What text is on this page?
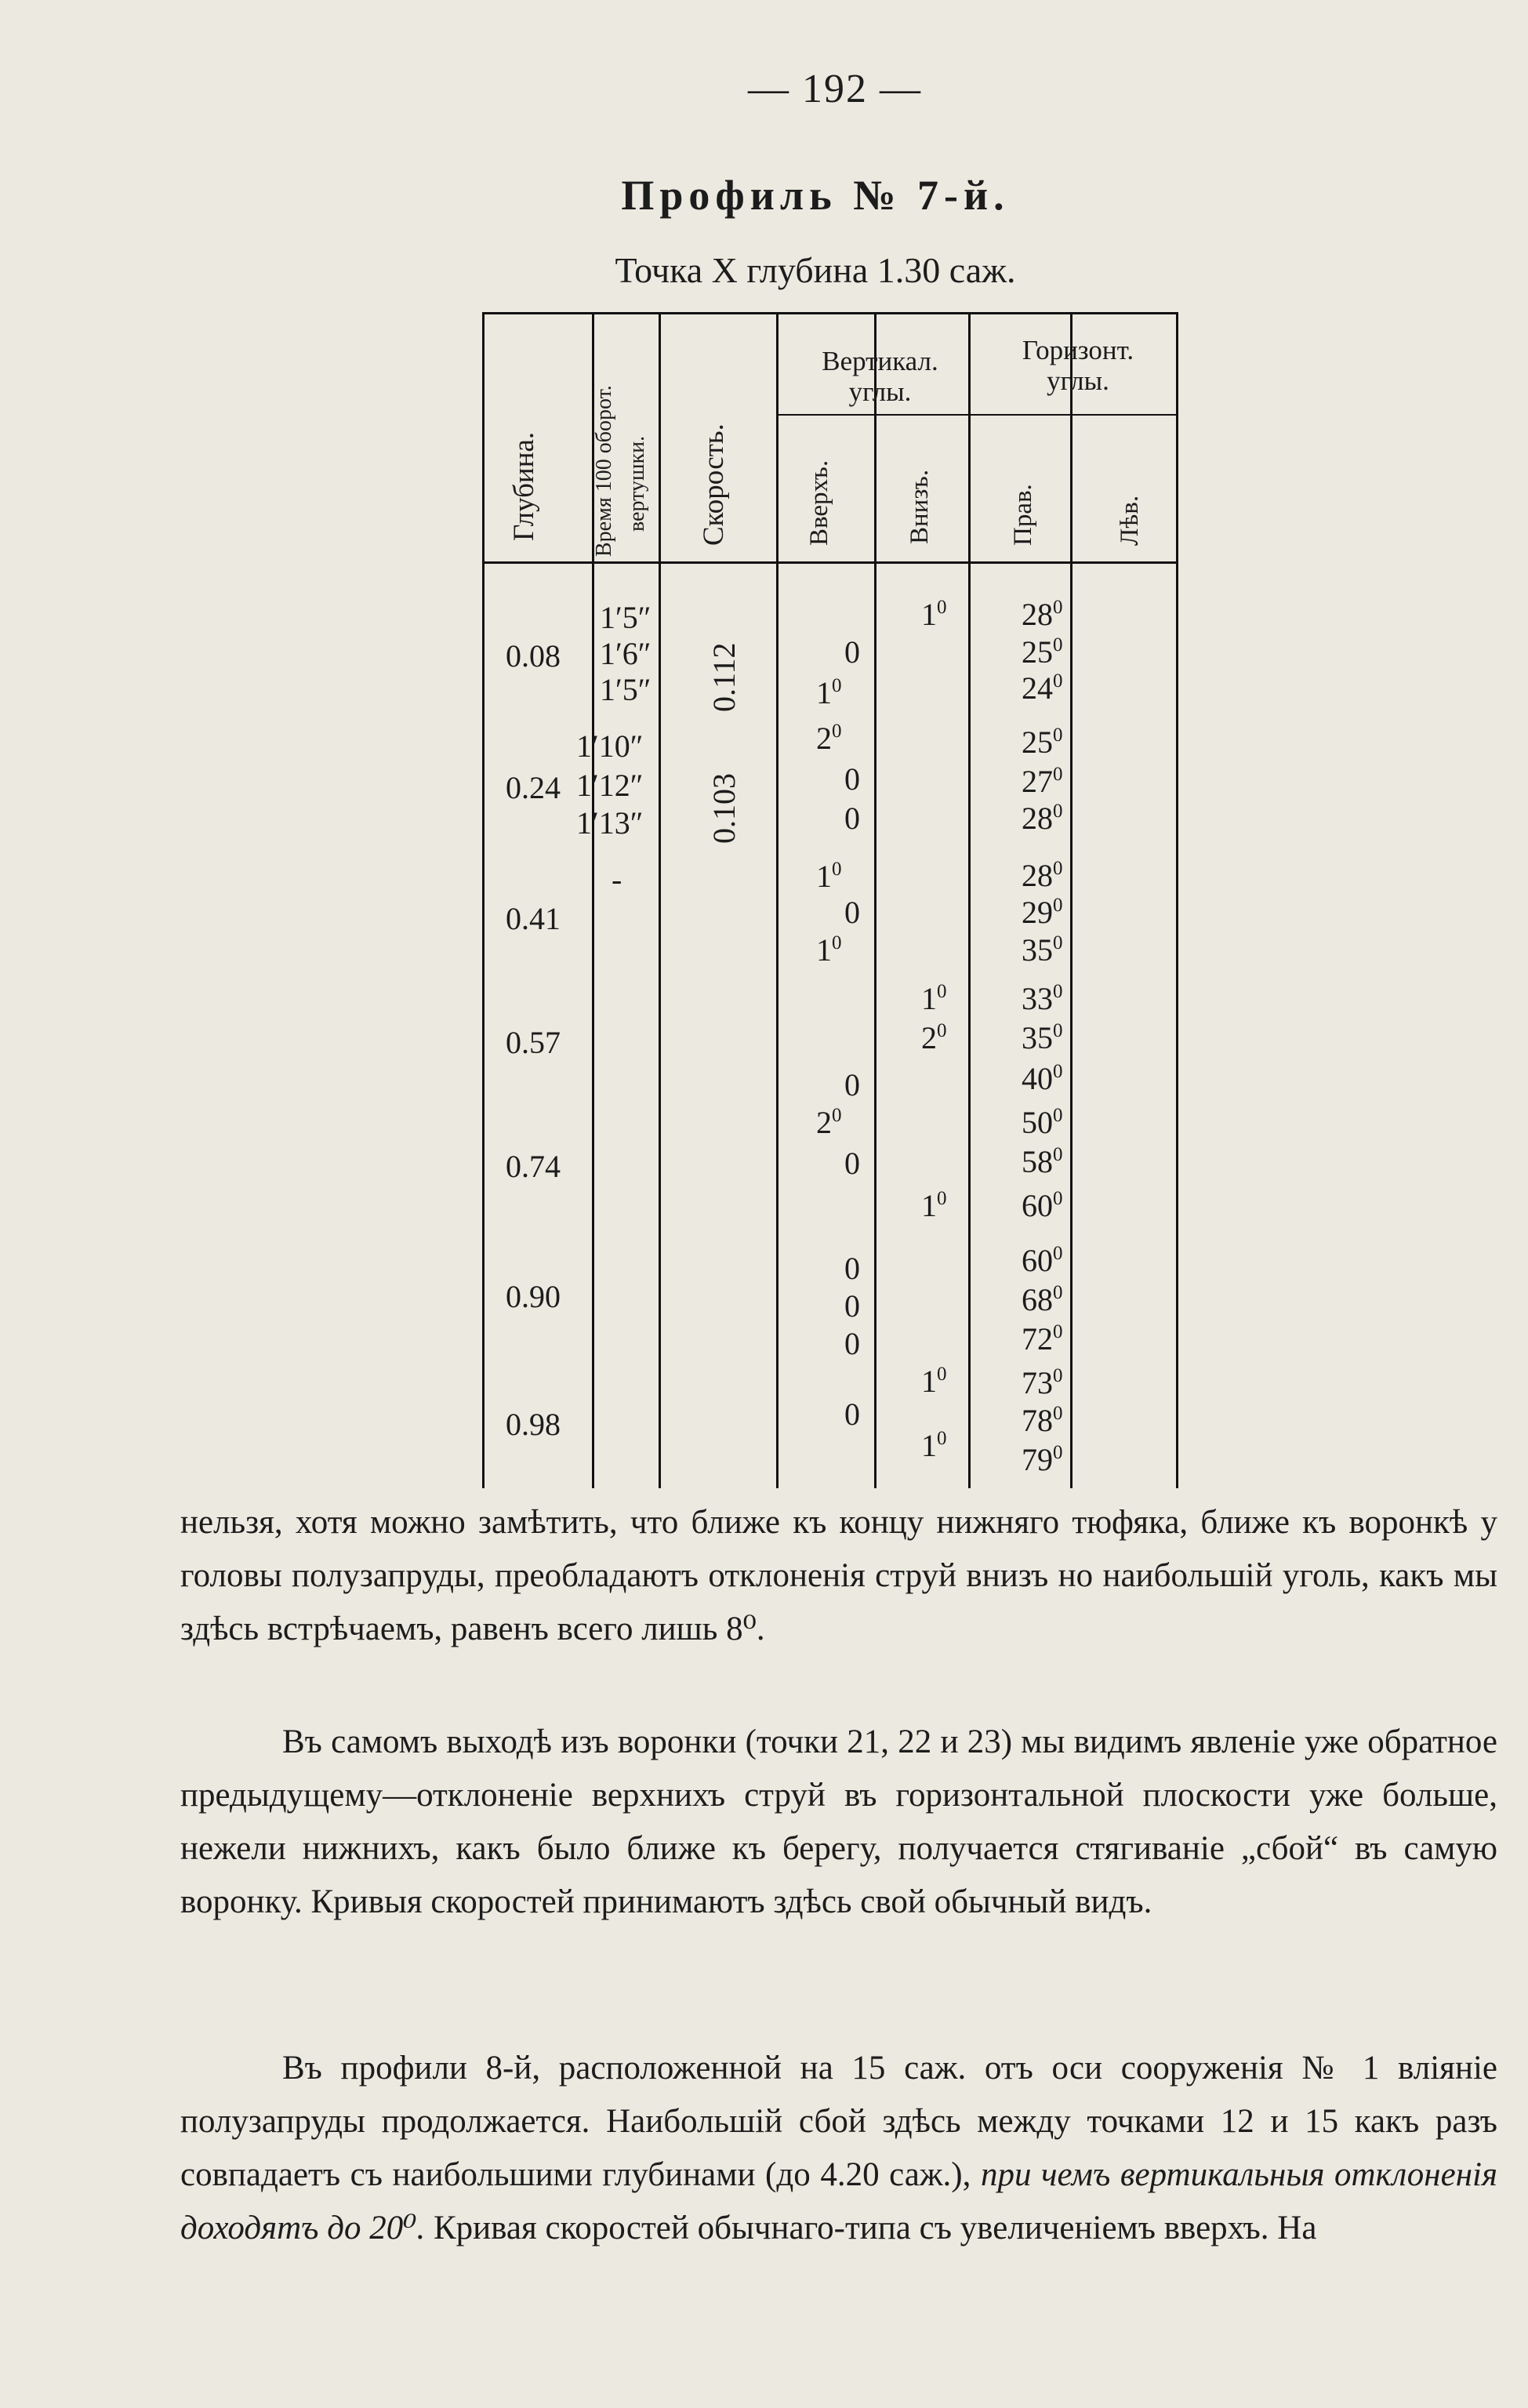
— 192 —
Профиль № 7-й.
Точка X глубина 1.30 саж.
Глубина. Время 100 оборот. вертушки. Скорость.
Вертикал. углы.
Вверхъ.	Внизъ.
Горизонт. углы.
Прав.	Лѣв.
0.08
0.24
0.41
0.57
0.74
0.90
0.98
1′5″
1′6″
1′5″
1′10″
1′12″
1′13″
-
0.112
0.103
0
$1^0$
$2^0$
0
0
$1^0$
0
$1^0$
0
$2^0$
0
0
0
0
0
$1^0$
$1^0$
$2^0$
$1^0$
$1^0$
$1^0$
$28^0$
$25^0$
$24^0$
$25^0$
$27^0$
$28^0$
$28^0$
$29^0$
$35^0$
$33^0$
$35^0$
$40^0$
$50^0$
$58^0$
$60^0$
$60^0$
$68^0$
$72^0$
$73^0$
$78^0$
$79^0$
нельзя, хотя можно замѣтить, что ближе къ концу нижняго тюфяка, ближе къ воронкѣ у головы полузапруды, преобладаютъ отклоненія струй внизъ но наибольшій уголь, какъ мы здѣсь встрѣчаемъ, равенъ всего лишь 8⁰.
Въ самомъ выходѣ изъ воронки (точки 21, 22 и 23) мы видимъ явленіе уже обратное предыдущему—отклоненіе верхнихъ струй въ горизонтальной плоскости уже больше, нежели нижнихъ, какъ было ближе къ берегу, получается стягиваніе „сбой“ въ самую воронку. Кривыя скоростей принимаютъ здѣсь свой обычный видъ.
Въ профили 8-й, расположенной на 15 саж. отъ оси сооруженія № 1 вліяніе полузапруды продолжается. Наибольшій сбой здѣсь между точками 12 и 15 какъ разъ совпадаетъ съ наибольшими глубинами (до 4.20 саж.), при чемъ вертикальныя отклоненія доходятъ до 20⁰. Кривая скоростей обычнаго-типа съ увеличеніемъ вверхъ. На
